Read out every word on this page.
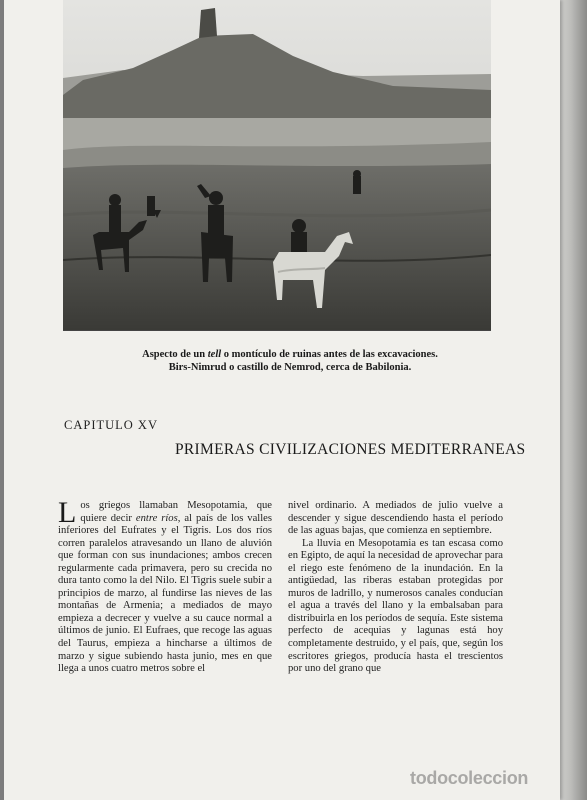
Aspecto de un tell o montículo de ruinas antes de las excavaciones.
Birs-Nimrud o castillo de Nemrod, cerca de Babilonia.
CAPITULO XV
PRIMERAS CIVILIZACIONES MEDITERRANEAS

Los griegos llamaban Mesopotamia, que quiere decir entre ríos, al país de los valles inferiores del Eufrates y el Tigris. Los dos ríos corren paralelos atravesando un llano de aluvión que forman con sus inundaciones; ambos crecen regularmente cada primavera, pero su crecida no dura tanto como la del Nilo. El Tigris suele subir a principios de marzo, al fundirse las nieves de las montañas de Armenia; a mediados de mayo empieza a decrecer y vuelve a su cauce normal a últimos de junio. El Eufraes, que recoge las aguas del Taurus, empieza a hincharse a últimos de marzo y sigue subiendo hasta junio, mes en que llega a unos cuatro metros sobre el

nivel ordinario. A mediados de julio vuelve a descender y sigue descendiendo hasta el período de las aguas bajas, que comienza en septiembre.

La lluvia en Mesopotamia es tan escasa como en Egipto, de aquí la necesidad de aprovechar para el riego este fenómeno de la inundación. En la antigüedad, las riberas estaban protegidas por muros de ladrillo, y numerosos canales conducían el agua a través del llano y la embalsaban para distribuirla en los períodos de sequía. Este sistema perfecto de acequias y lagunas está hoy completamente destruido, y el país, que, según los escritores griegos, producía hasta el trescientos por uno del grano que

todocoleccion
